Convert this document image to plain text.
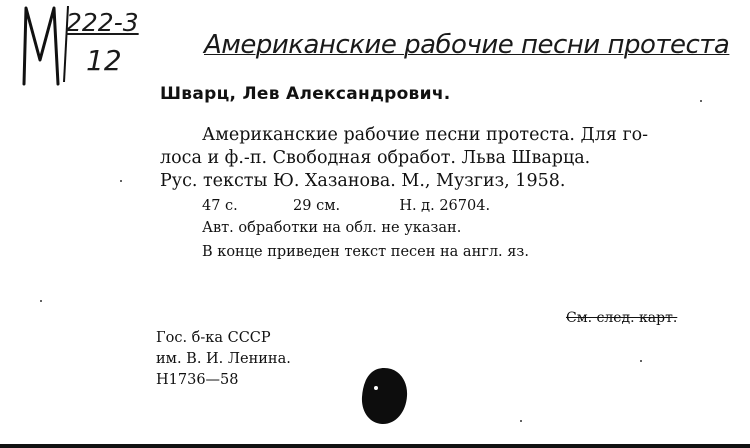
222-3
12	Американские рабочие песни протеста
Шварц, Лев Александрович.

Американские рабочие песни протеста. Для го-

лоса и ф.-п. Свободная обработ. Льва Шварца.

Рус. тексты Ю. Хазанова. М., Музгиз, 1958.

47 с.	29 см.	Н. д. 26704.
Авт. обработки на обл. не указан.
В конце приведен текст песен на англ. яз.
См. след. карт.
Гос. б-ка СССР
им. В. И. Ленина.
Н1736—58
